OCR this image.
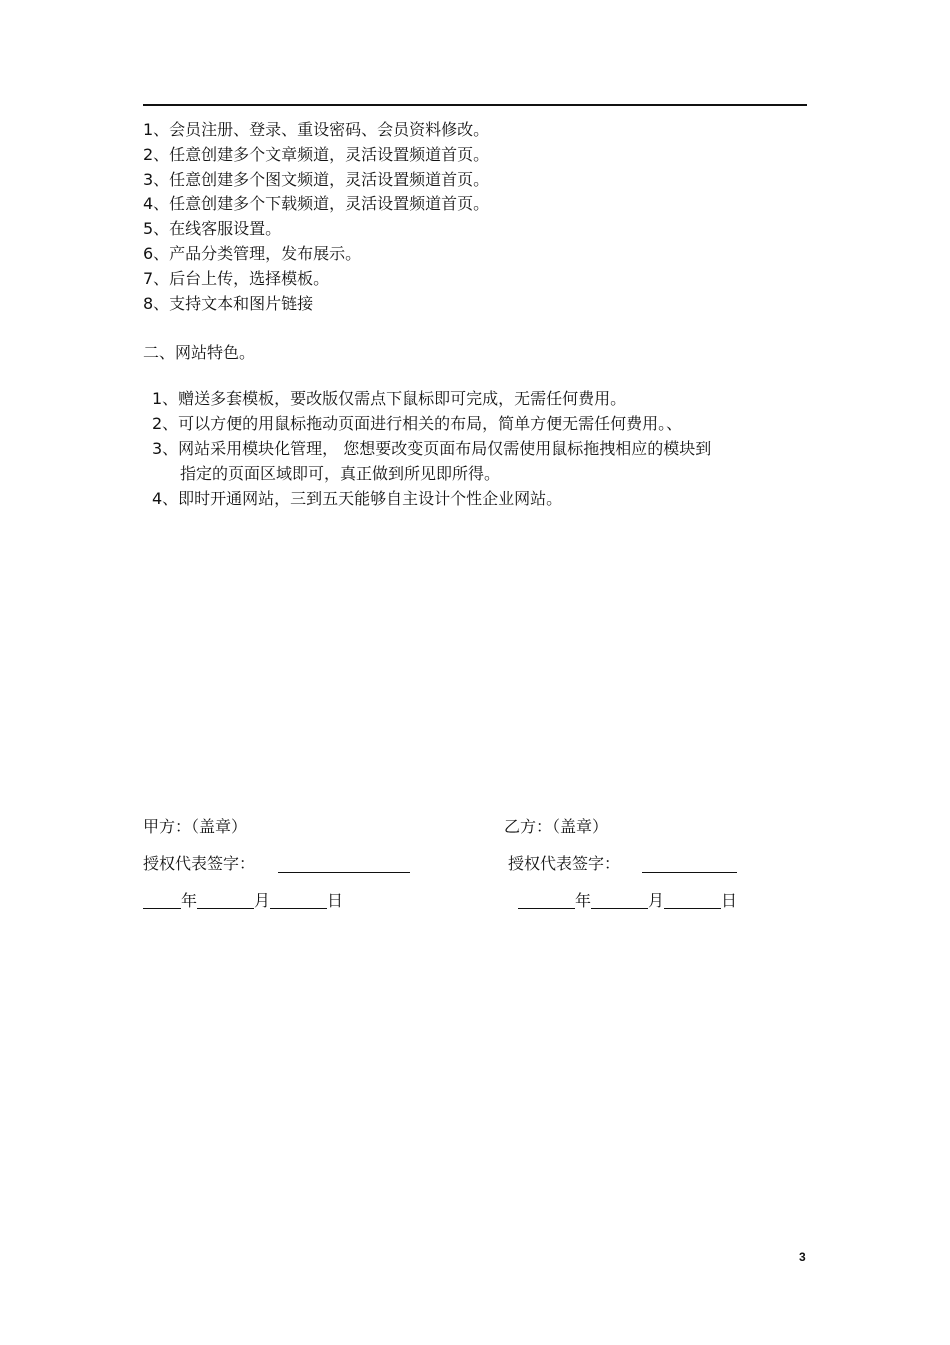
1、会员注册、登录、重设密码、会员资料修改。
2、任意创建多个文章频道，灵活设置频道首页。
3、任意创建多个图文频道，灵活设置频道首页。
4、任意创建多个下载频道，灵活设置频道首页。
5、在线客服设置。
6、产品分类管理，发布展示。
7、后台上传，选择模板。
8、支持文本和图片链接
二、网站特色。
1、赠送多套模板，要改版仅需点下鼠标即可完成，无需任何费用。
2、可以方便的用鼠标拖动页面进行相关的布局，简单方便无需任何费用。、
3、网站采用模块化管理， 您想要改变页面布局仅需使用鼠标拖拽相应的模块到
指定的页面区域即可，真正做到所见即所得。
4、即时开通网站，三到五天能够自主设计个性企业网站。
甲方：（盖章）
授权代表签字：
年	月	日
乙方：（盖章）
授权代表签字：
年	月	日
3
